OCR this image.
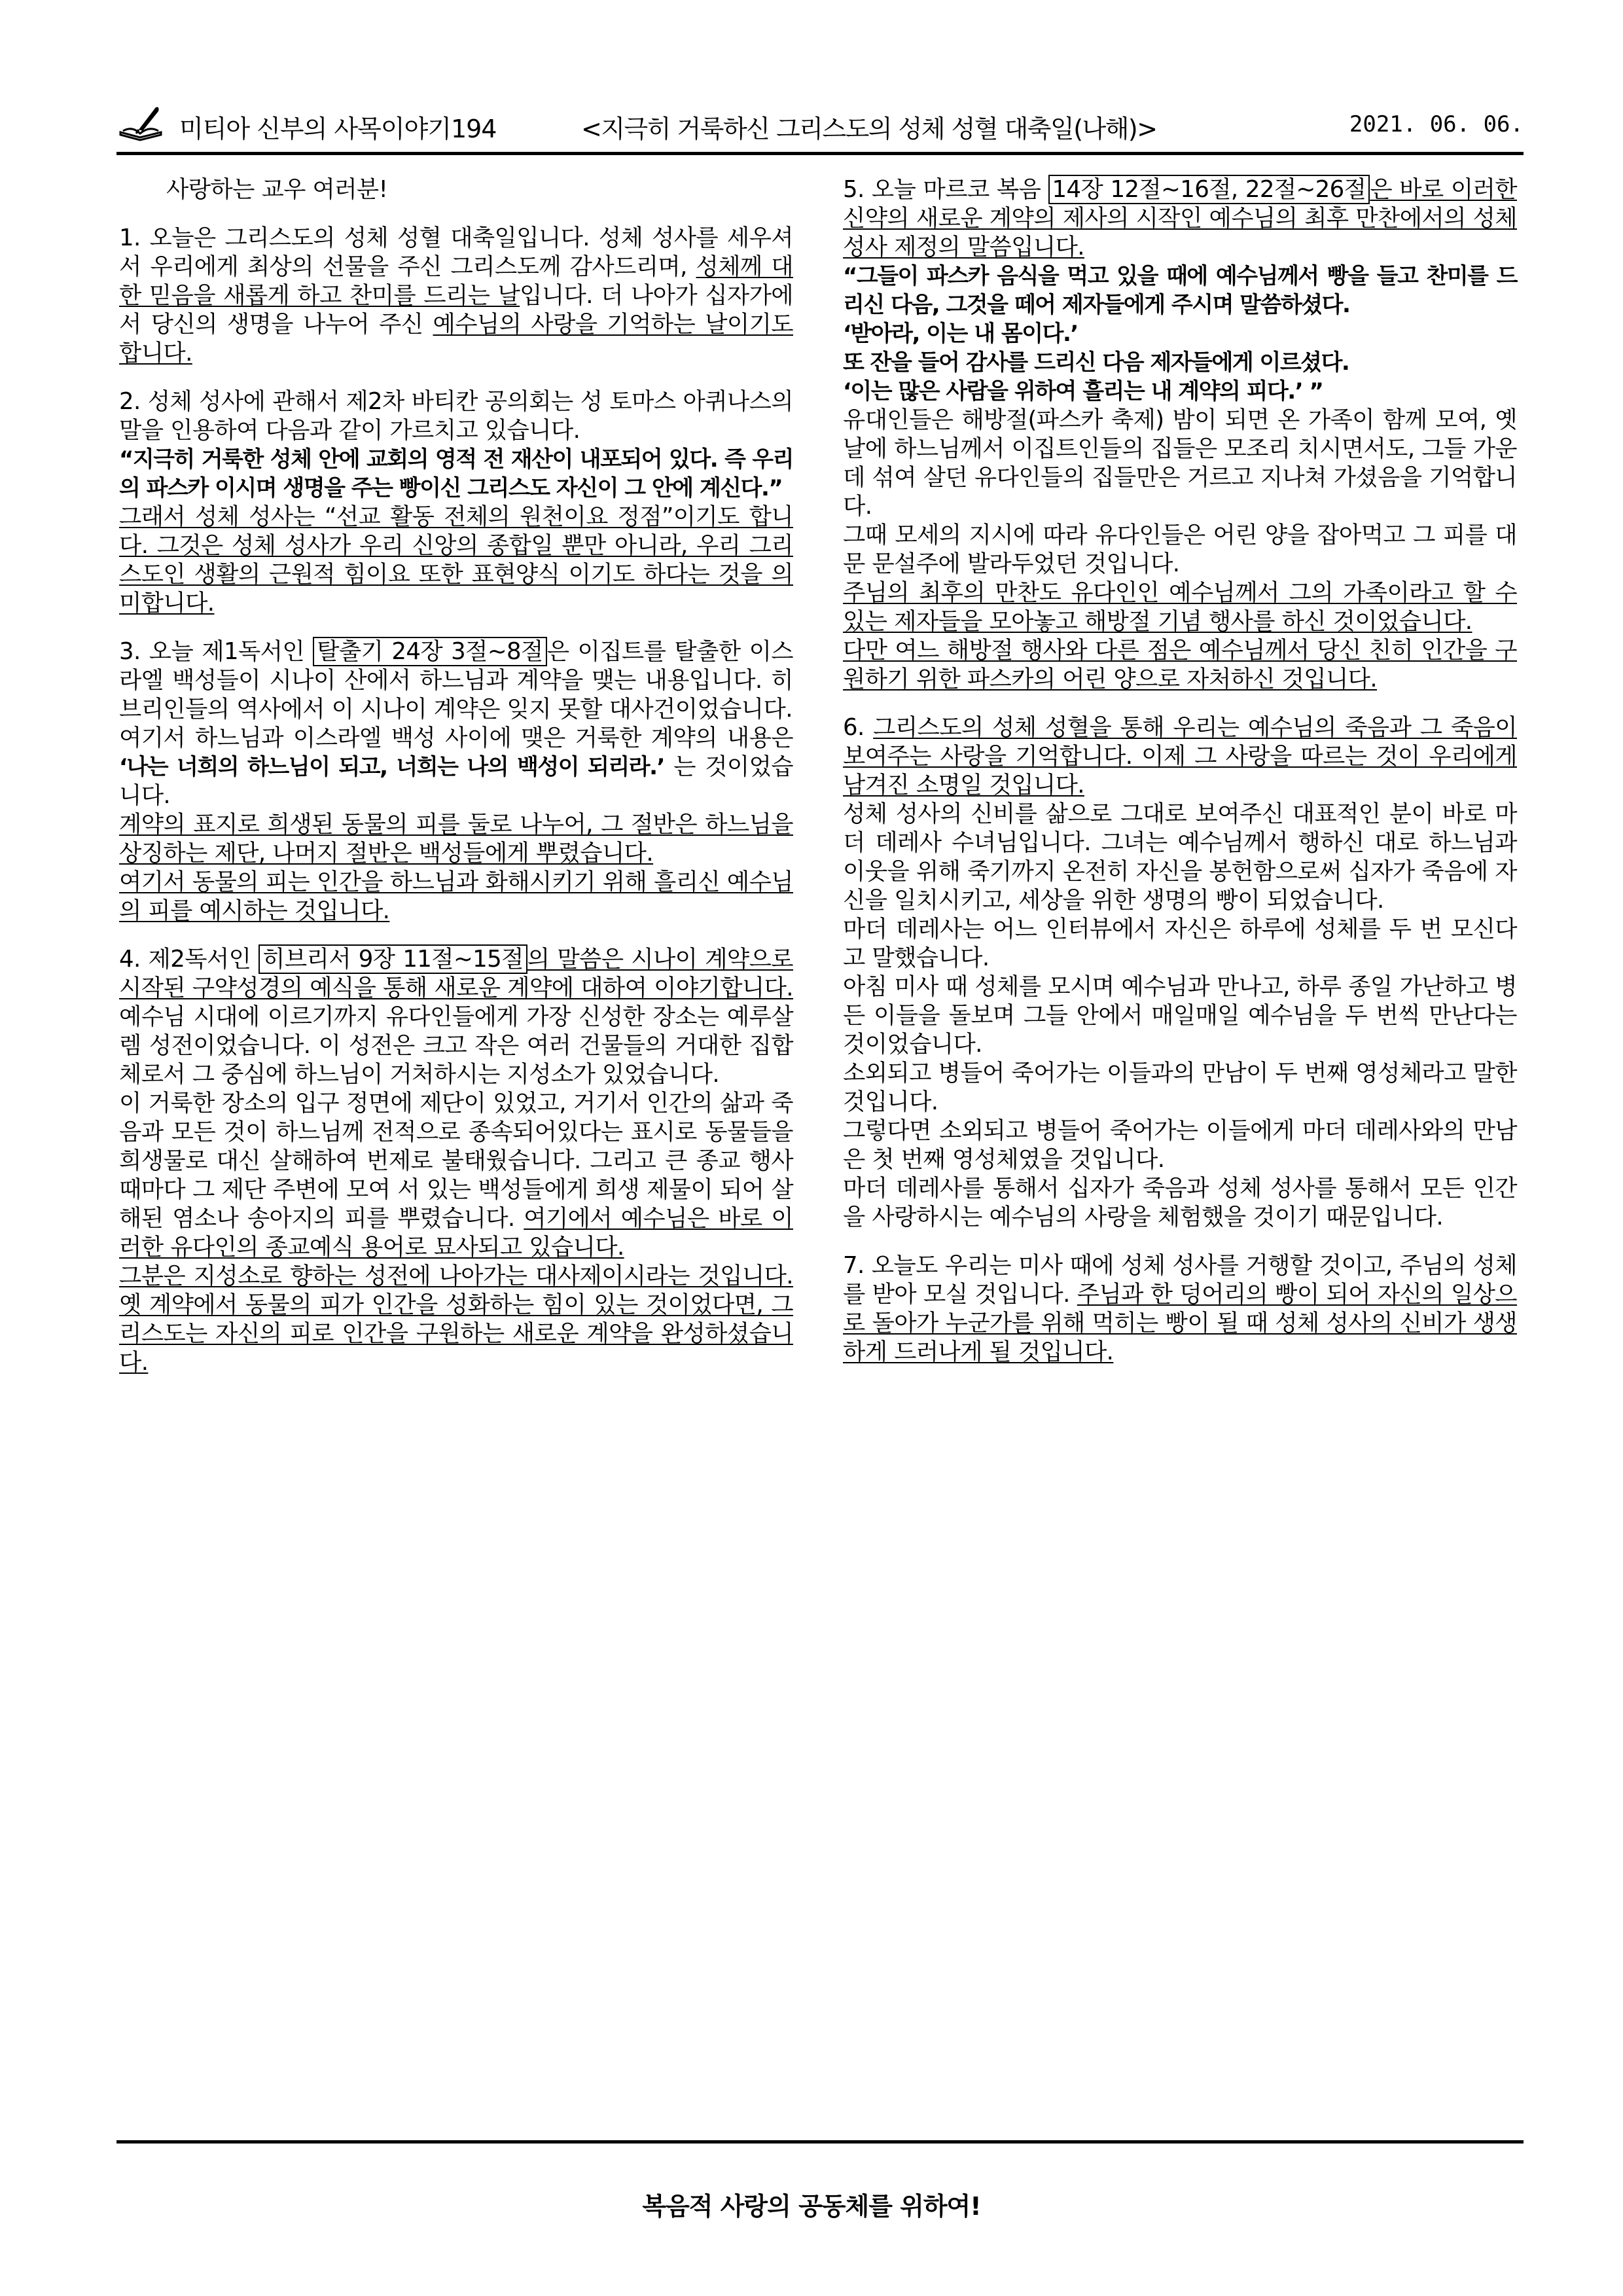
미티아 신부의 사목이야기194	<지극히 거룩하신 그리스도의 성체 성혈 대축일(나해)>	2021. 06. 06.

사랑하는 교우 여러분!

1. 오늘은 그리스도의 성체 성혈 대축일입니다. 성체 성사를 세우셔서 우리에게 최상의 선물을 주신 그리스도께 감사드리며, 성체께 대한 믿음을 새롭게 하고 찬미를 드리는 날입니다. 더 나아가 십자가에서 당신의 생명을 나누어 주신 예수님의 사랑을 기억하는 날이기도 합니다.

2. 성체 성사에 관해서 제2차 바티칸 공의회는 성 토마스 아퀴나스의 말을 인용하여 다음과 같이 가르치고 있습니다.

“지극히 거룩한 성체 안에 교회의 영적 전 재산이 내포되어 있다. 즉 우리의 파스카 이시며 생명을 주는 빵이신 그리스도 자신이 그 안에 계신다.”

그래서 성체 성사는 “선교 활동 전체의 원천이요 정점”이기도 합니다. 그것은 성체 성사가 우리 신앙의 종합일 뿐만 아니라, 우리 그리스도인 생활의 근원적 힘이요 또한 표현양식 이기도 하다는 것을 의미합니다.

3. 오늘 제1독서인 탈출기 24장 3절~8절 은 이집트를 탈출한 이스라엘 백성들이 시나이 산에서 하느님과 계약을 맺는 내용입니다. 히브리인들의 역사에서 이 시나이 계약은 잊지 못할 대사건이었습니다.

여기서 하느님과 이스라엘 백성 사이에 맺은 거룩한 계약의 내용은 ‘나는 너희의 하느님이 되고, 너희는 나의 백성이 되리라.’ 는 것이었습니다.

계약의 표지로 희생된 동물의 피를 둘로 나누어, 그 절반은 하느님을 상징하는 제단, 나머지 절반은 백성들에게 뿌렸습니다.

여기서 동물의 피는 인간을 하느님과 화해시키기 위해 흘리신 예수님의 피를 예시하는 것입니다.

4. 제2독서인 히브리서 9장 11절~15절 의 말씀은 시나이 계약으로 시작된 구약성경의 예식을 통해 새로운 계약에 대하여 이야기합니다. 예수님 시대에 이르기까지 유다인들에게 가장 신성한 장소는 예루살렘 성전이었습니다. 이 성전은 크고 작은 여러 건물들의 거대한 집합체로서 그 중심에 하느님이 거처하시는 지성소가 있었습니다.

이 거룩한 장소의 입구 정면에 제단이 있었고, 거기서 인간의 삶과 죽음과 모든 것이 하느님께 전적으로 종속되어있다는 표시로 동물들을 희생물로 대신 살해하여 번제로 불태웠습니다. 그리고 큰 종교 행사 때마다 그 제단 주변에 모여 서 있는 백성들에게 희생 제물이 되어 살해된 염소나 송아지의 피를 뿌렸습니다. 여기에서 예수님은 바로 이러한 유다인의 종교예식 용어로 묘사되고 있습니다.

그분은 지성소로 향하는 성전에 나아가는 대사제이시라는 것입니다. 옛 계약에서 동물의 피가 인간을 성화하는 힘이 있는 것이었다면, 그리스도는 자신의 피로 인간을 구원하는 새로운 계약을 완성하셨습니다.

5. 오늘 마르코 복음 14장 12절~16절, 22절~26절 은 바로 이러한 신약의 새로운 계약의 제사의 시작인 예수님의 최후 만찬에서의 성체 성사 제정의 말씀입니다.

“그들이 파스카 음식을 먹고 있을 때에 예수님께서 빵을 들고 찬미를 드리신 다음, 그것을 떼어 제자들에게 주시며 말씀하셨다.

‘받아라, 이는 내 몸이다.’

또 잔을 들어 감사를 드리신 다음 제자들에게 이르셨다.

‘이는 많은 사람을 위하여 흘리는 내 계약의 피다.’ ”

유대인들은 해방절(파스카 축제) 밤이 되면 온 가족이 함께 모여, 옛날에 하느님께서 이집트인들의 집들은 모조리 치시면서도, 그들 가운데 섞여 살던 유다인들의 집들만은 거르고 지나쳐 가셨음을 기억합니다.

그때 모세의 지시에 따라 유다인들은 어린 양을 잡아먹고 그 피를 대문 문설주에 발라두었던 것입니다.

주님의 최후의 만찬도 유다인인 예수님께서 그의 가족이라고 할 수 있는 제자들을 모아놓고 해방절 기념 행사를 하신 것이었습니다.

다만 여느 해방절 행사와 다른 점은 예수님께서 당신 친히 인간을 구원하기 위한 파스카의 어린 양으로 자처하신 것입니다.

6. 그리스도의 성체 성혈을 통해 우리는 예수님의 죽음과 그 죽음이 보여주는 사랑을 기억합니다. 이제 그 사랑을 따르는 것이 우리에게 남겨진 소명일 것입니다.

성체 성사의 신비를 삶으로 그대로 보여주신 대표적인 분이 바로 마더 데레사 수녀님입니다. 그녀는 예수님께서 행하신 대로 하느님과 이웃을 위해 죽기까지 온전히 자신을 봉헌함으로써 십자가 죽음에 자신을 일치시키고, 세상을 위한 생명의 빵이 되었습니다.

마더 데레사는 어느 인터뷰에서 자신은 하루에 성체를 두 번 모신다고 말했습니다.

아침 미사 때 성체를 모시며 예수님과 만나고, 하루 종일 가난하고 병든 이들을 돌보며 그들 안에서 매일매일 예수님을 두 번씩 만난다는 것이었습니다.

소외되고 병들어 죽어가는 이들과의 만남이 두 번째 영성체라고 말한 것입니다.

그렇다면 소외되고 병들어 죽어가는 이들에게 마더 데레사와의 만남은 첫 번째 영성체였을 것입니다.

마더 데레사를 통해서 십자가 죽음과 성체 성사를 통해서 모든 인간을 사랑하시는 예수님의 사랑을 체험했을 것이기 때문입니다.

7. 오늘도 우리는 미사 때에 성체 성사를 거행할 것이고, 주님의 성체를 받아 모실 것입니다. 주님과 한 덩어리의 빵이 되어 자신의 일상으로 돌아가 누군가를 위해 먹히는 빵이 될 때 성체 성사의 신비가 생생하게 드러나게 될 것입니다.

복음적 사랑의 공동체를 위하여!
